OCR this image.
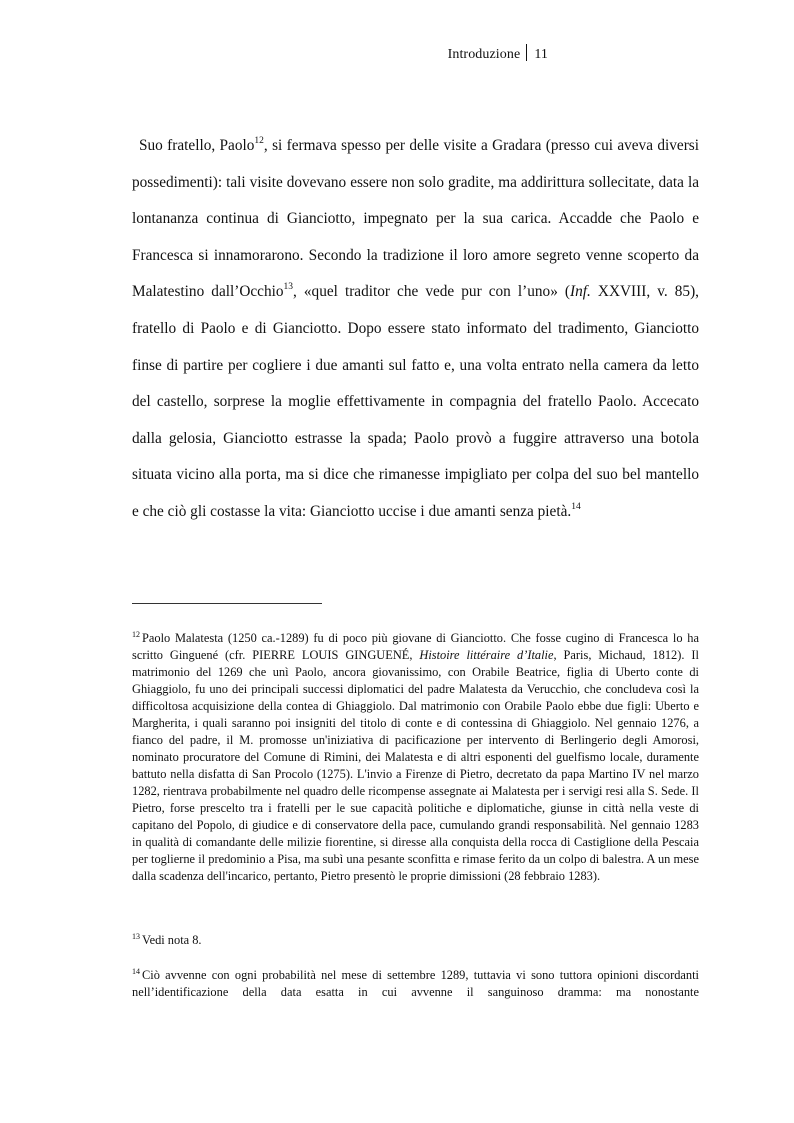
Introduzione 11
Suo fratello, Paolo$^{12}$, si fermava spesso per delle visite a Gradara (presso cui aveva diversi possedimenti): tali visite dovevano essere non solo gradite, ma addirittura sollecitate, data la lontananza continua di Gianciotto, impegnato per la sua carica. Accadde che Paolo e Francesca si innamorarono. Secondo la tradizione il loro amore segreto venne scoperto da Malatestino dall’Occhio$^{13}$, «quel traditor che vede pur con l’uno» (Inf. XXVIII, v. 85), fratello di Paolo e di Gianciotto. Dopo essere stato informato del tradimento, Gianciotto finse di partire per cogliere i due amanti sul fatto e, una volta entrato nella camera da letto del castello, sorprese la moglie effettivamente in compagnia del fratello Paolo. Accecato dalla gelosia, Gianciotto estrasse la spada; Paolo provò a fuggire attraverso una botola situata vicino alla porta, ma si dice che rimanesse impigliato per colpa del suo bel mantello e che ciò gli costasse la vita: Gianciotto uccise i due amanti senza pietà.$^{14}$
$^{12}$ Paolo Malatesta (1250 ca.-1289) fu di poco più giovane di Gianciotto. Che fosse cugino di Francesca lo ha scritto Ginguené (cfr. PIERRE LOUIS GINGUENÉ, Histoire littéraire d’Italie, Paris, Michaud, 1812). Il matrimonio del 1269 che unì Paolo, ancora giovanissimo, con Orabile Beatrice, figlia di Uberto conte di Ghiaggiolo, fu uno dei principali successi diplomatici del padre Malatesta da Verucchio, che concludeva così la difficoltosa acquisizione della contea di Ghiaggiolo. Dal matrimonio con Orabile Paolo ebbe due figli: Uberto e Margherita, i quali saranno poi insigniti del titolo di conte e di contessina di Ghiaggiolo. Nel gennaio 1276, a fianco del padre, il M. promosse un'iniziativa di pacificazione per intervento di Berlingerio degli Amorosi, nominato procuratore del Comune di Rimini, dei Malatesta e di altri esponenti del guelfismo locale, duramente battuto nella disfatta di San Procolo (1275). L'invio a Firenze di Pietro, decretato da papa Martino IV nel marzo 1282, rientrava probabilmente nel quadro delle ricompense assegnate ai Malatesta per i servigi resi alla S. Sede. Il Pietro, forse prescelto tra i fratelli per le sue capacità politiche e diplomatiche, giunse in città nella veste di capitano del Popolo, di giudice e di conservatore della pace, cumulando grandi responsabilità. Nel gennaio 1283 in qualità di comandante delle milizie fiorentine, si diresse alla conquista della rocca di Castiglione della Pescaia per toglierne il predominio a Pisa, ma subì una pesante sconfitta e rimase ferito da un colpo di balestra. A un mese dalla scadenza dell'incarico, pertanto, Pietro presentò le proprie dimissioni (28 febbraio 1283).
$^{13}$ Vedi nota 8.
$^{14}$ Ciò avvenne con ogni probabilità nel mese di settembre 1289, tuttavia vi sono tuttora opinioni discordanti nell’identificazione della data esatta in cui avvenne il sanguinoso dramma: ma nonostante
